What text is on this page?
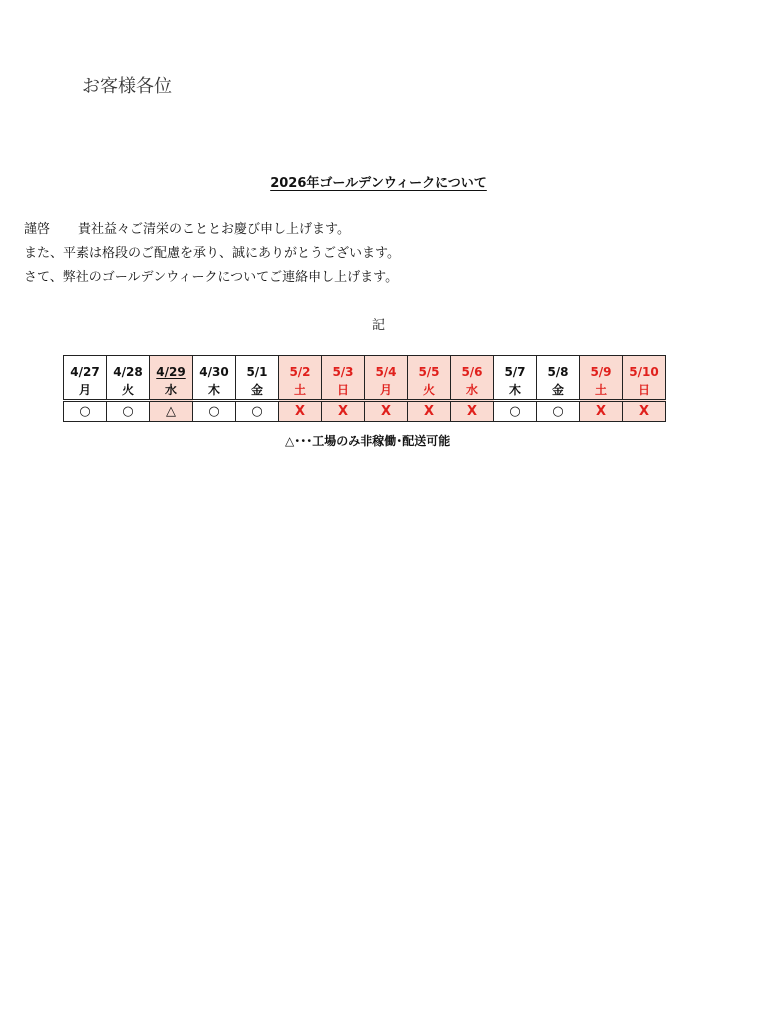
お客様各位
2026年ゴールデンウィークについて
謹啓 貴社益々ご清栄のこととお慶び申し上げます。
また、平素は格段のご配慮を承り、誠にありがとうございます。
さて、弊社のゴールデンウィークについてご連絡申し上げます。
記
4/27	4/28	4/29	4/30	5/1	5/2	5/3	5/4	5/5	5/6	5/7	5/8	5/9	5/10
月	火	水	木	金	土	日	月	火	水	木	金	土	日
○	○	△	○	○	X	X	X	X	X	○	○	X	X
△･･･工場のみ非稼働･配送可能
